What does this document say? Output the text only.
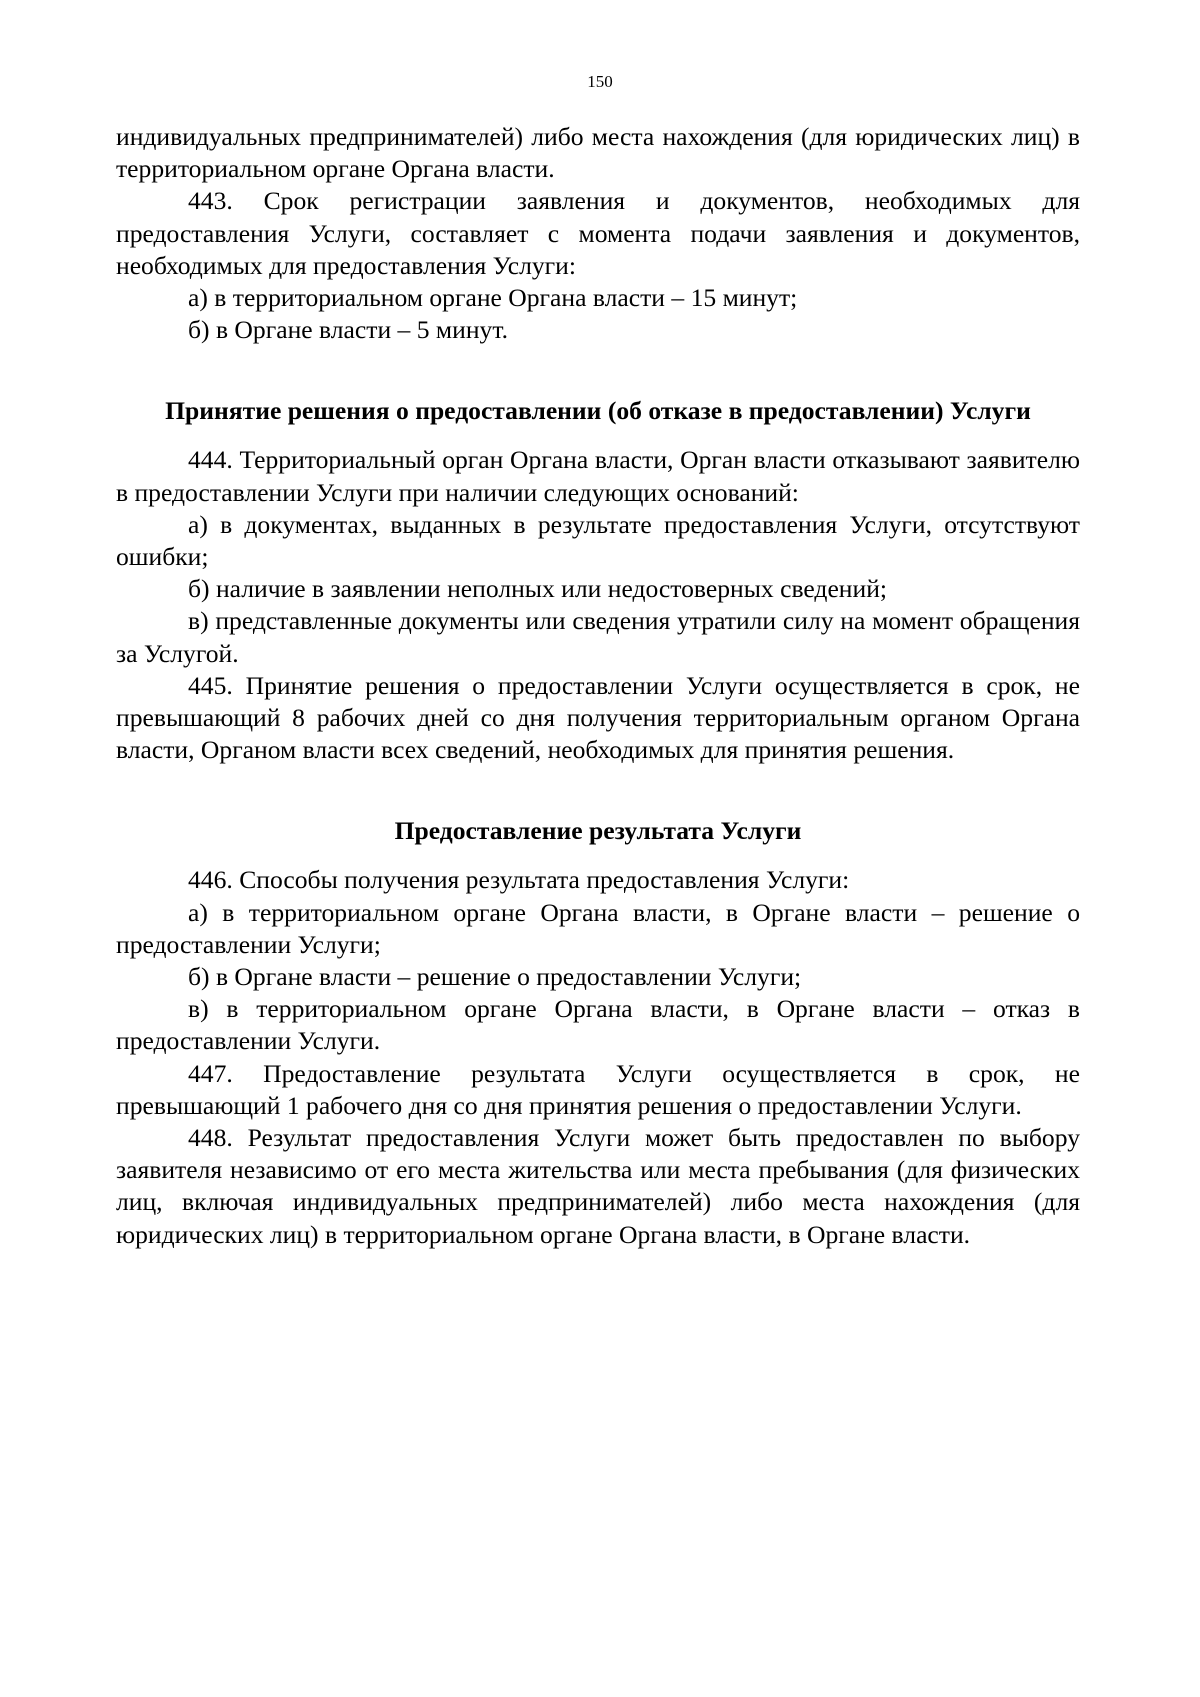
150

индивидуальных предпринимателей) либо места нахождения (для юридических лиц) в территориальном органе Органа власти.

443. Срок регистрации заявления и документов, необходимых для предоставления Услуги, составляет с момента подачи заявления и документов, необходимых для предоставления Услуги:

а) в территориальном органе Органа власти – 15 минут;

б) в Органе власти – 5 минут.

Принятие решения о предоставлении (об отказе в предоставлении) Услуги

444. Территориальный орган Органа власти, Орган власти отказывают заявителю в предоставлении Услуги при наличии следующих оснований:

а) в документах, выданных в результате предоставления Услуги, отсутствуют ошибки;

б) наличие в заявлении неполных или недостоверных сведений;

в) представленные документы или сведения утратили силу на момент обращения за Услугой.

445. Принятие решения о предоставлении Услуги осуществляется в срок, не превышающий 8 рабочих дней со дня получения территориальным органом Органа власти, Органом власти всех сведений, необходимых для принятия решения.

Предоставление результата Услуги

446. Способы получения результата предоставления Услуги:

а) в территориальном органе Органа власти, в Органе власти – решение о предоставлении Услуги;

б) в Органе власти – решение о предоставлении Услуги;

в) в территориальном органе Органа власти, в Органе власти – отказ в предоставлении Услуги.

447. Предоставление результата Услуги осуществляется в срок, не превышающий 1 рабочего дня со дня принятия решения о предоставлении Услуги.

448. Результат предоставления Услуги может быть предоставлен по выбору заявителя независимо от его места жительства или места пребывания (для физических лиц, включая индивидуальных предпринимателей) либо места нахождения (для юридических лиц) в территориальном органе Органа власти, в Органе власти.
